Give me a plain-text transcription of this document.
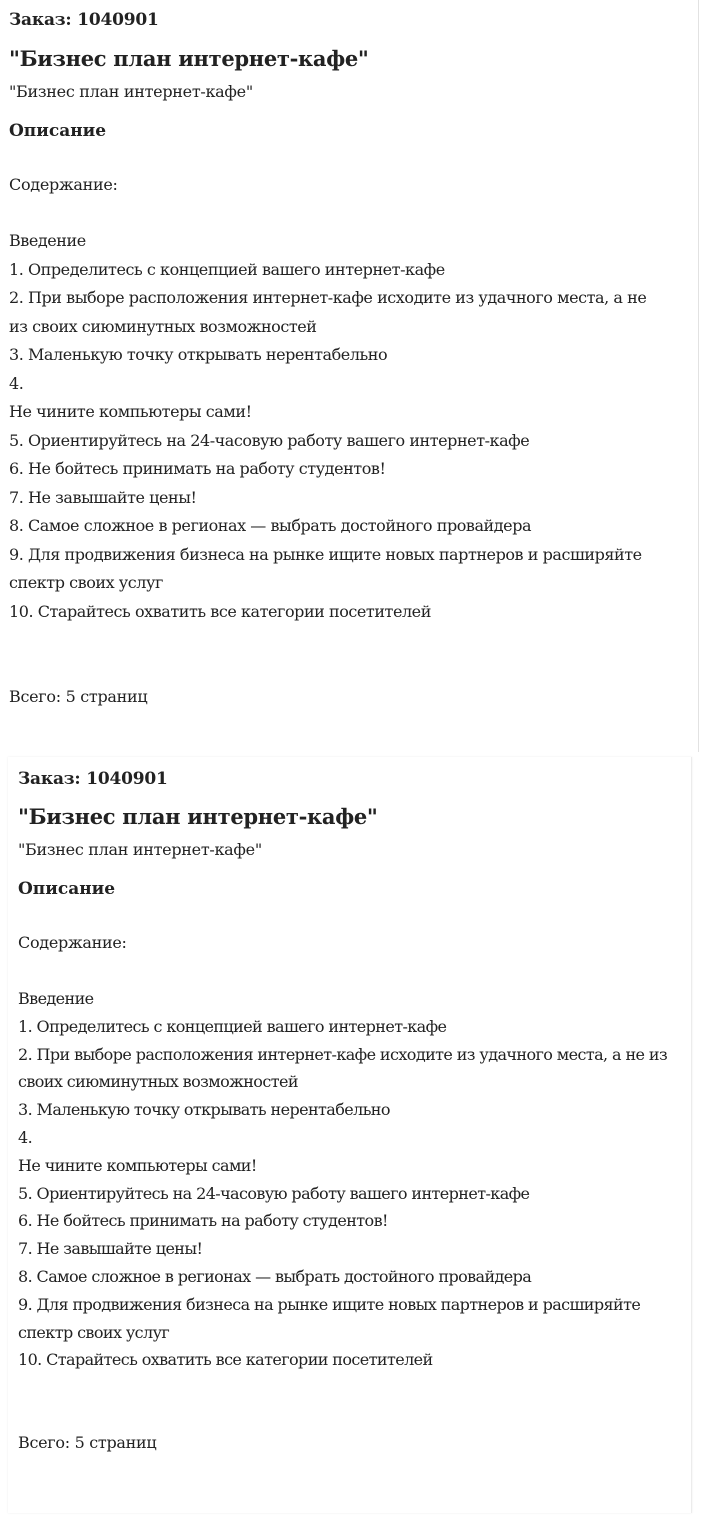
Заказ: 1040901
"Бизнес план интернет-кафе"
"Бизнес план интернет-кафе"
Описание
Содержание:
Введение
1. Определитесь с концепцией вашего интернет-кафе
2. При выборе расположения интернет-кафе исходите из удачного места, а не из своих сиюминутных возможностей
3. Маленькую точку открывать нерентабельно
4.
Не чините компьютеры сами!
5. Ориентируйтесь на 24-часовую работу вашего интернет-кафе
6. Не бойтесь принимать на работу студентов!
7. Не завышайте цены!
8. Самое сложное в регионах — выбрать достойного провайдера
9. Для продвижения бизнеса на рынке ищите новых партнеров и расширяйте спектр своих услуг
10. Старайтесь охватить все категории посетителей
Всего: 5 страниц
Заказ: 1040901
"Бизнес план интернет-кафе"
"Бизнес план интернет-кафе"
Описание
Содержание:
Введение
1. Определитесь с концепцией вашего интернет-кафе
2. При выборе расположения интернет-кафе исходите из удачного места, а не из своих сиюминутных возможностей
3. Маленькую точку открывать нерентабельно
4.
Не чините компьютеры сами!
5. Ориентируйтесь на 24-часовую работу вашего интернет-кафе
6. Не бойтесь принимать на работу студентов!
7. Не завышайте цены!
8. Самое сложное в регионах — выбрать достойного провайдера
9. Для продвижения бизнеса на рынке ищите новых партнеров и расширяйте спектр своих услуг
10. Старайтесь охватить все категории посетителей
Всего: 5 страниц
